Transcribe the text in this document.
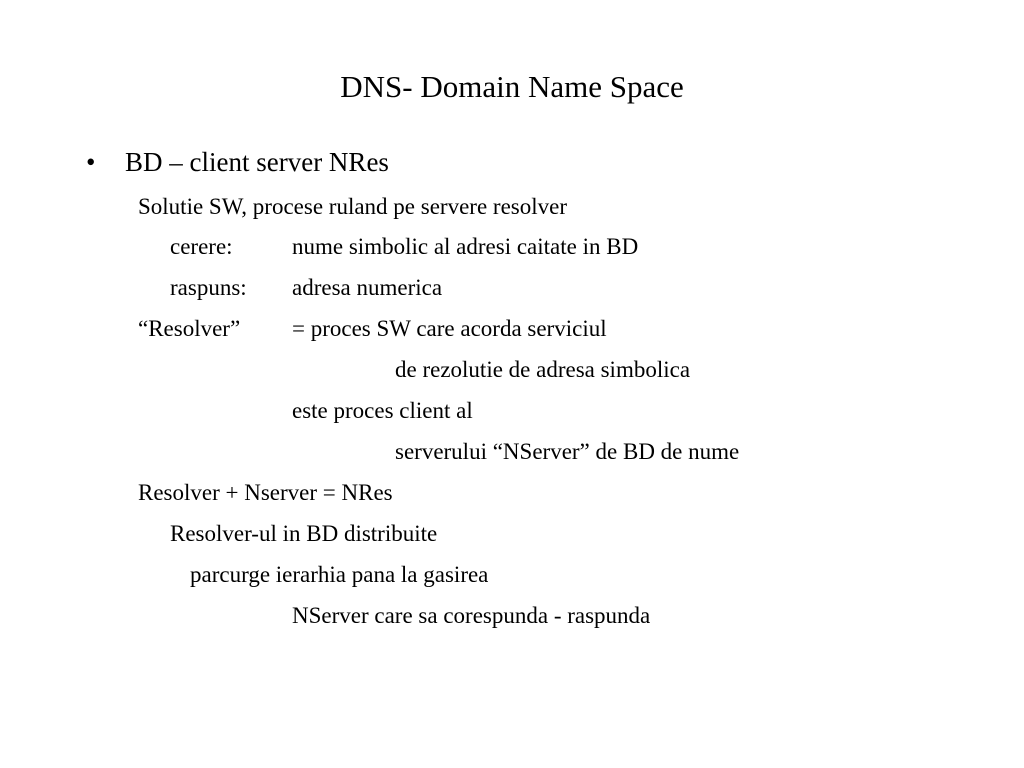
DNS- Domain Name Space
• BD – client server NRes
Solutie SW, procese ruland pe servere resolver
cerere:	nume simbolic al adresi caitate in BD
raspuns: adresa numerica
“Resolver” = proces SW care acorda serviciul
de rezolutie de adresa simbolica
este proces client al
serverului “NServer” de BD de nume
Resolver + Nserver = NRes
Resolver-ul in BD distribuite
parcurge ierarhia pana la gasirea
NServer care sa corespunda - raspunda
